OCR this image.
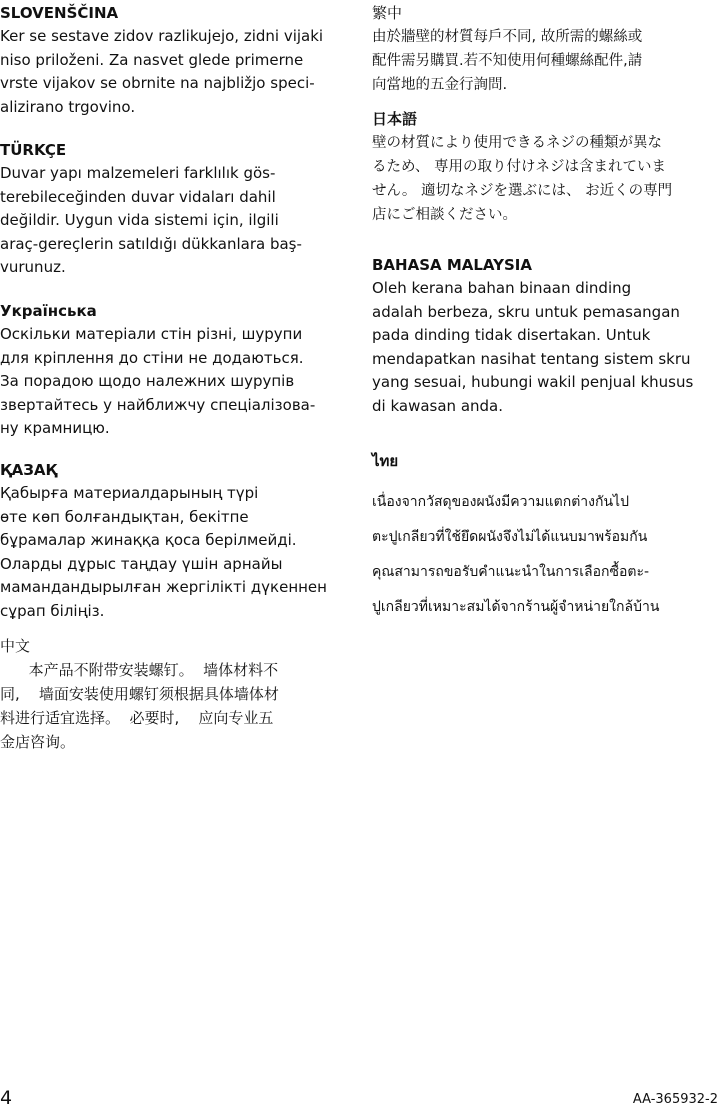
SLOVENŠČINA
Ker se sestave zidov razlikujejo, zidni vijaki
niso priloženi. Za nasvet glede primerne
vrste vijakov se obrnite na najbližjo speci-
alizirano trgovino.
TÜRKÇE
Duvar yapı malzemeleri farklılık gös-
terebileceğinden duvar vidaları dahil
değildir. Uygun vida sistemi için, ilgili
araç-gereçlerin satıldığı dükkanlara baş-
vurunuz.
Українська
Оскільки матеріали стін різні, шурупи
для кріплення до стіни не додаються.
За порадою щодо належних шурупів
звертайтесь у найближчу спеціалізова-
ну крамницю.
ҚАЗАҚ
Қабырға материалдарының түрі
өте көп болғандықтан, бекітпе
бұрамалар жинаққа қоса берілмейді.
Оларды дұрыс таңдау үшін арнайы
мамандандырылған жергілікті дүкеннен
сұрап біліңіз.
中文
本产品不附带安装螺钉。  墙体材料不
同,    墙面安装使用螺钉须根据具体墙体材
料进行适宜选择。  必要时,    应向专业五
金店咨询。
繁中
由於牆壁的材質每戶不同, 故所需的螺絲或
配件需另購買.若不知使用何種螺絲配件,請
向當地的五金行詢問.
日本語
壁の材質により使用できるネジの種類が異な
るため、 専用の取り付けネジは含まれていま
せん。 適切なネジを選ぶには、 お近くの専門
店にご相談ください。
BAHASA MALAYSIA
Oleh kerana bahan binaan dinding
adalah berbeza, skru untuk pemasangan
pada dinding tidak disertakan. Untuk
mendapatkan nasihat tentang sistem skru
yang sesuai, hubungi wakil penjual khusus
di kawasan anda.
ไทย
เนื่องจากวัสดุของผนังมีความแตกต่างกันไป
ตะปูเกลียวที่ใช้ยึดผนังจึงไม่ได้แนบมาพร้อมกัน
คุณสามารถขอรับคำแนะนำในการเลือกซื้อตะ-
ปูเกลียวที่เหมาะสมได้จากร้านผู้จำหน่ายใกล้บ้าน
4	AA-365932-2
